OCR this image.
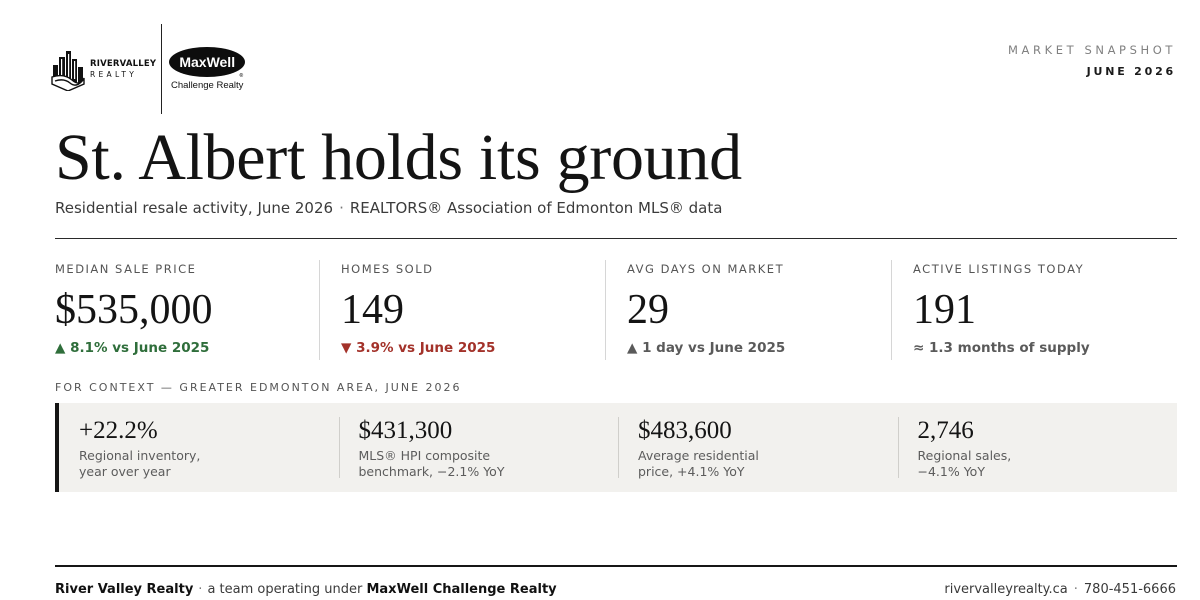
RIVERVALLEY
REALTY
MaxWell
®
Challenge Realty
MARKET SNAPSHOT
JUNE 2026
St. Albert holds its ground
Residential resale activity, June 2026 · REALTORS® Association of Edmonton MLS® data
MEDIAN SALE PRICE
$535,000
▲ 8.1% vs June 2025
HOMES SOLD
149
▼ 3.9% vs June 2025
AVG DAYS ON MARKET
29
▲ 1 day vs June 2025
ACTIVE LISTINGS TODAY
191
≈ 1.3 months of supply
FOR CONTEXT — GREATER EDMONTON AREA, JUNE 2026
+22.2%
Regional inventory,
year over year
$431,300
MLS® HPI composite
benchmark, −2.1% YoY
$483,600
Average residential
price, +4.1% YoY
2,746
Regional sales,
−4.1% YoY
River Valley Realty · a team operating under MaxWell Challenge Realty	rivervalleyrealty.ca · 780-451-6666
